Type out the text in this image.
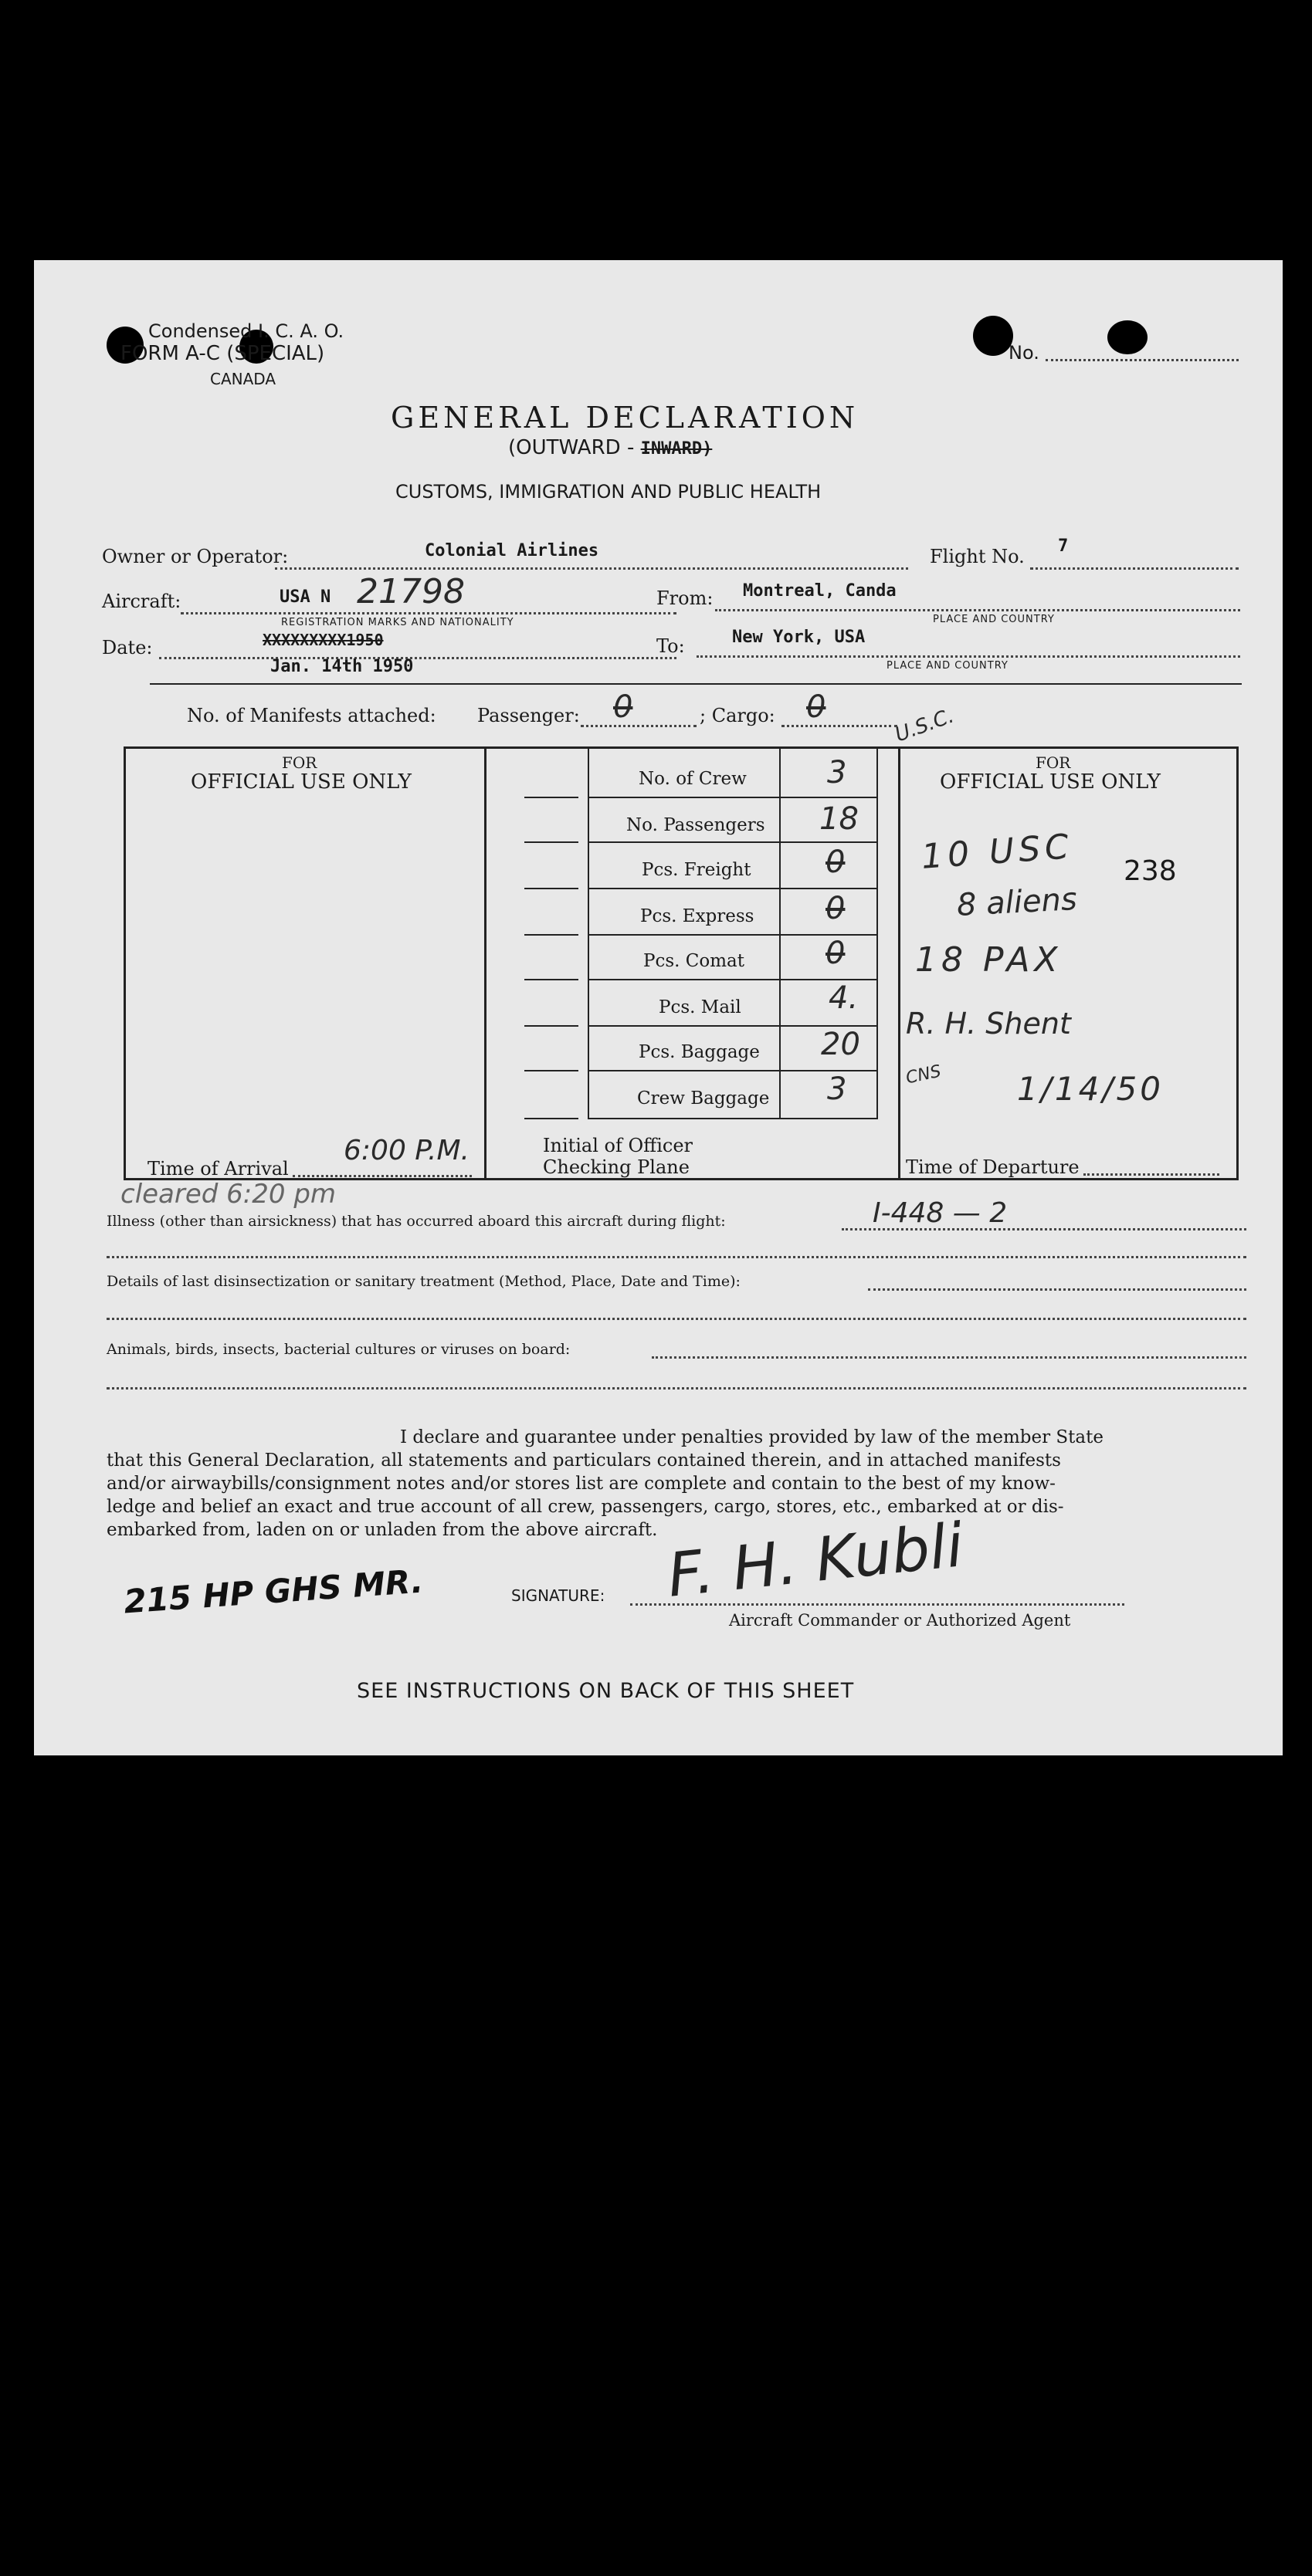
Condensed I. C. A. O.
FORM A-C (SPECIAL)
CANADA
No.
GENERAL DECLARATION
(OUTWARD - INWARD)
CUSTOMS, IMMIGRATION AND PUBLIC HEALTH
Owner or Operator:	Colonial Airlines	Flight No. 7
Aircraft:	USA N 21798
REGISTRATION MARKS AND NATIONALITY
From: Montreal, Canda
PLACE AND COUNTRY
Date:	XXXXXXXXX1950
Jan. 14th 1950
To:	New York, USA
PLACE AND COUNTRY
No. of Manifests attached: Passenger: 0	; Cargo: 0	U.S.C.
FOR
OFFICIAL USE ONLY
FOR
OFFICIAL USE ONLY
No. of Crew	3
No. Passengers 18
Pcs. Freight 0
Pcs. Express 0
Pcs. Comat	0
Pcs. Mail	4.
Pcs. Baggage 20
Crew Baggage 3
Time of Arrival
6:00 P.M.	Initial of Officer
Checking Plane	Time of Departure
10 USC 238
8 aliens
18 PAX
R. H. Shent
CNS 1/14/50
cleared 6:20 pm
Illness (other than airsickness) that has occurred aboard this aircraft during flight:	I-448 — 2
Details of last disinsectization or sanitary treatment (Method, Place, Date and Time):
Animals, birds, insects, bacterial cultures or viruses on board:
I declare and guarantee under penalties provided by law of the member State
that this General Declaration, all statements and particulars contained therein, and in attached manifests
and/or airwaybills/consignment notes and/or stores list are complete and contain to the best of my know-
ledge and belief an exact and true account of all crew, passengers, cargo, stores, etc., embarked at or dis-
embarked from, laden on or unladen from the above aircraft.
215 HP GHS MR.	SIGNATURE: F. H. Kubli
Aircraft Commander or Authorized Agent
SEE INSTRUCTIONS ON BACK OF THIS SHEET
